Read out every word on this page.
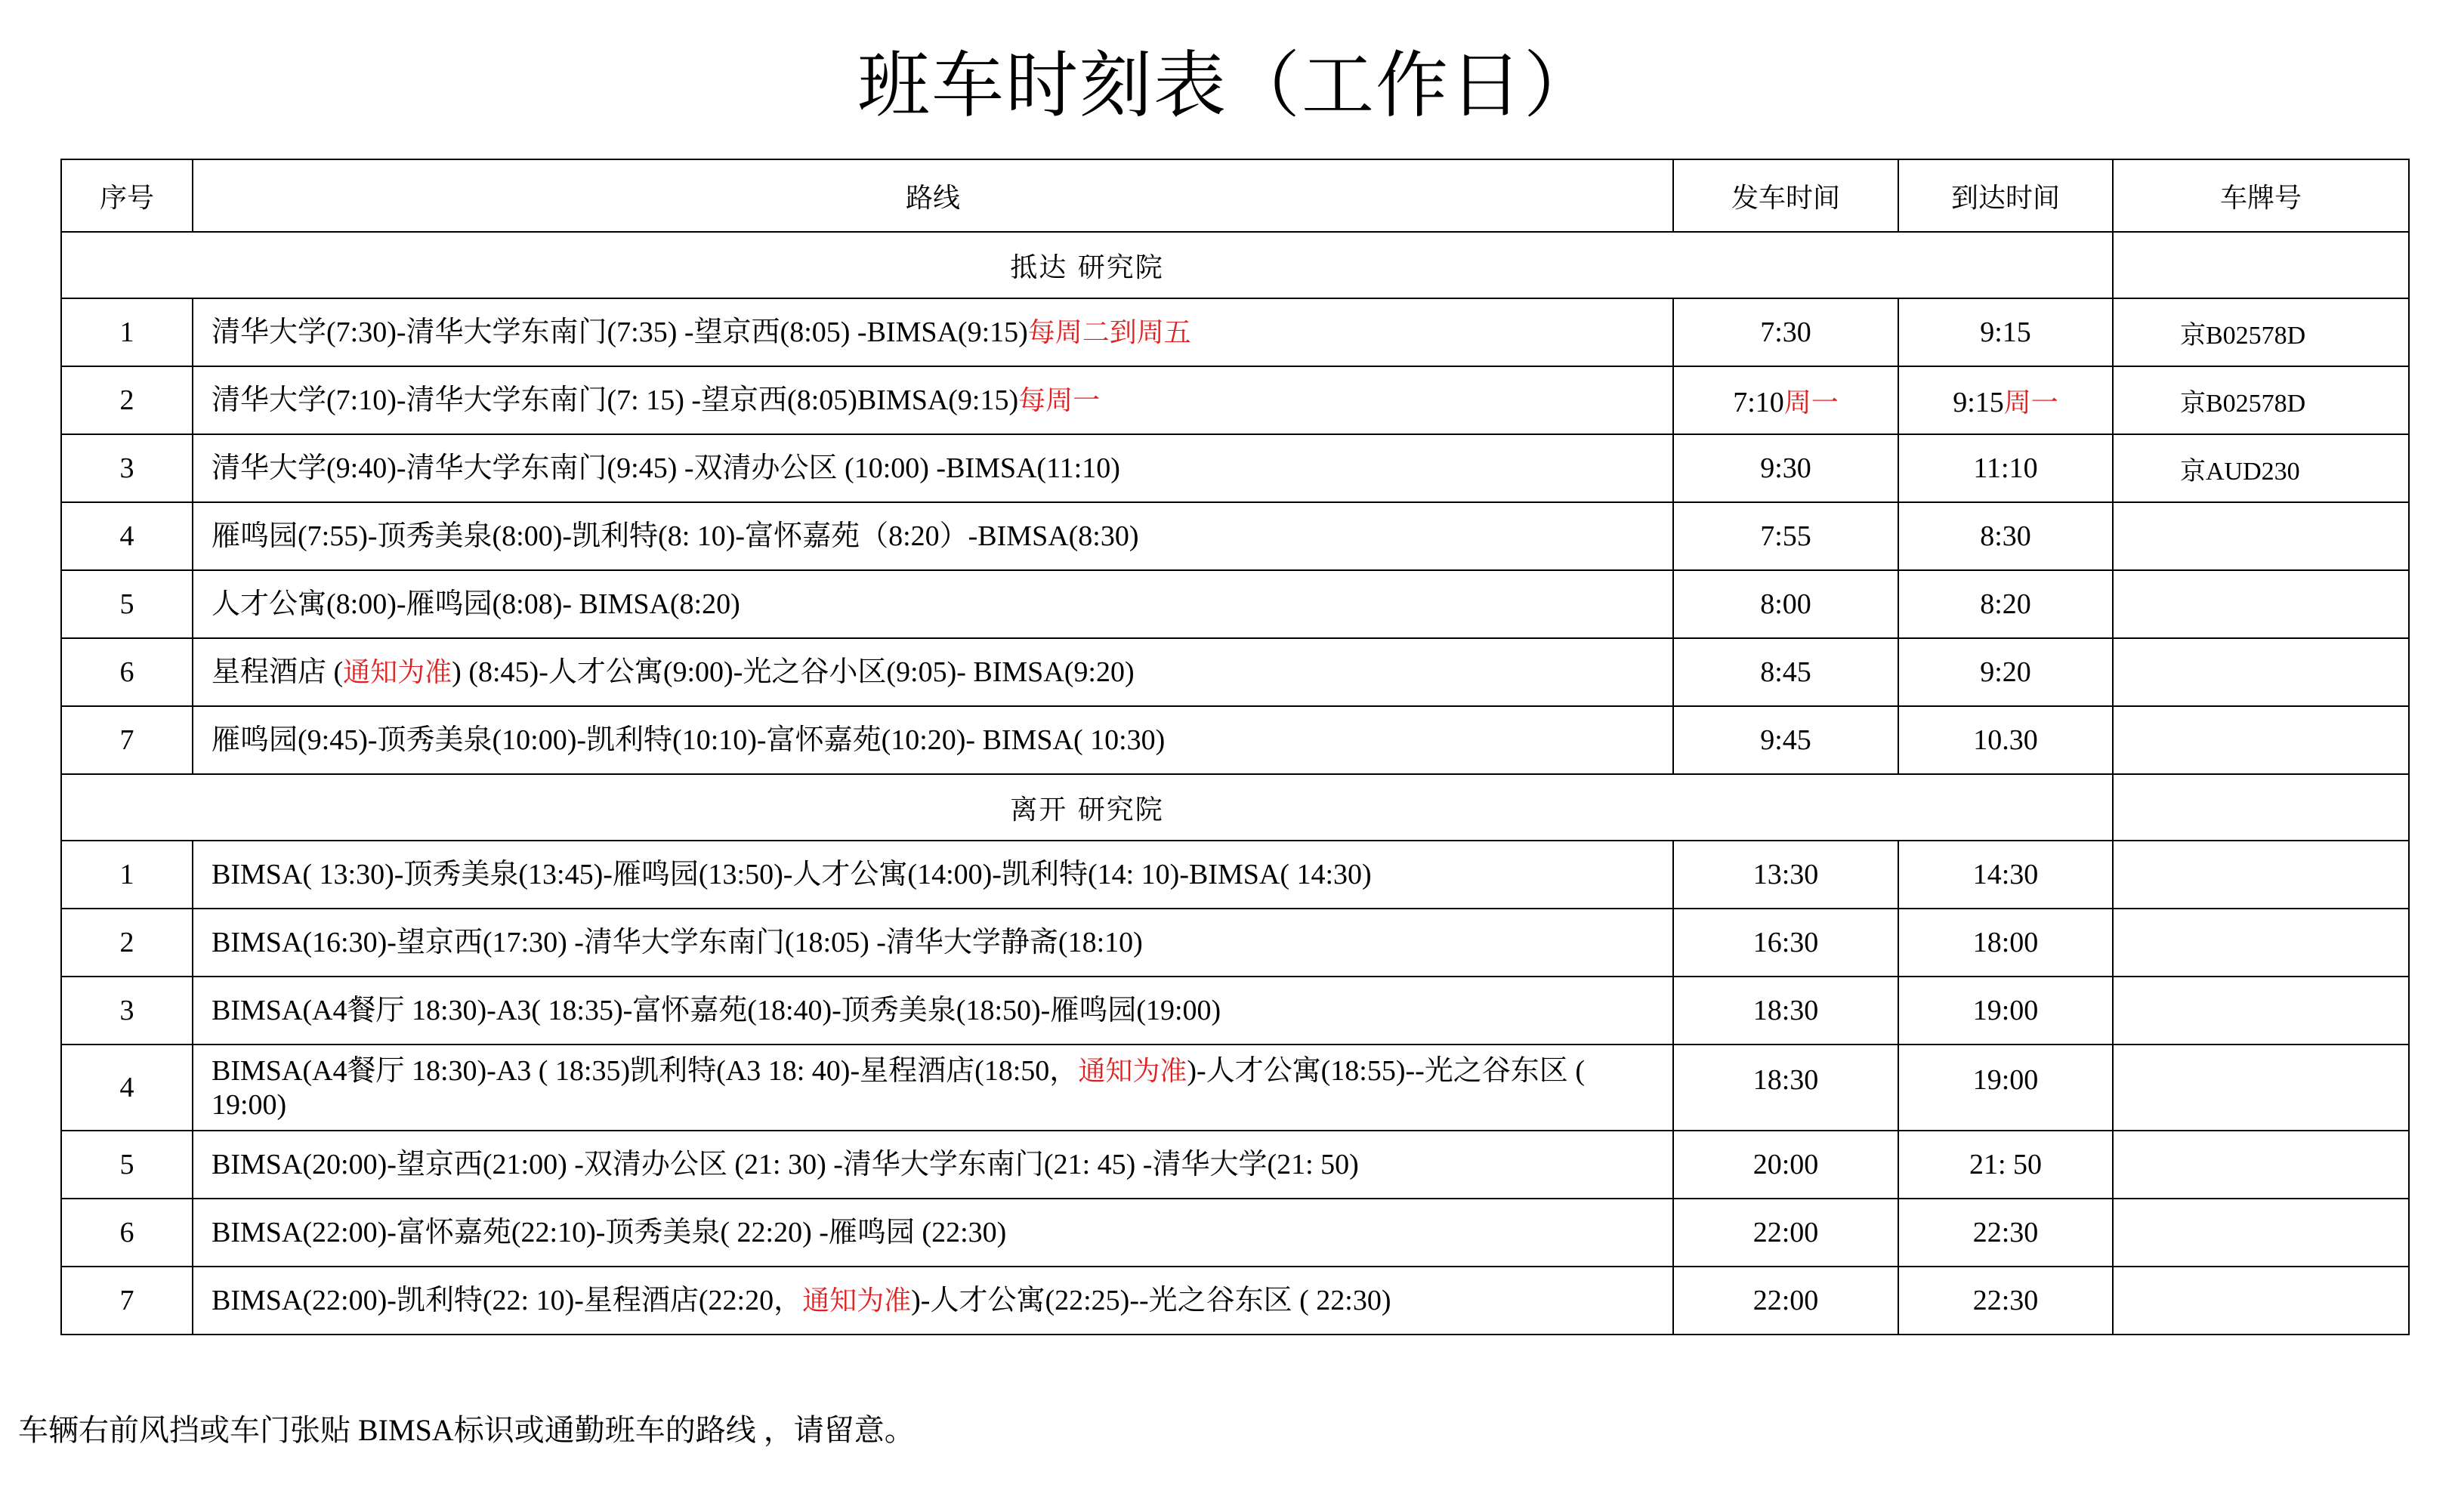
班车时刻表（工作日）
序号	路线	发车时间	到达时间	车牌号
抵达 研究院				
1	清华大学(7:30)-清华大学东南门(7:35) -望京西(8:05) -BIMSA(9:15)每周二到周五	7:30	9:15	京B02578D
2	清华大学(7:10)-清华大学东南门(7: 15) -望京西(8:05)BIMSA(9:15)每周一	7:10周一	9:15周一	京B02578D
3	清华大学(9:40)-清华大学东南门(9:45) -双清办公区 (10:00) -BIMSA(11:10)	9:30	11:10	京AUD230
4	雁鸣园(7:55)-顶秀美泉(8:00)-凯利特(8: 10)-富怀嘉苑（8:20）-BIMSA(8:30)	7:55	8:30	
5	人才公寓(8:00)-雁鸣园(8:08)- BIMSA(8:20)	8:00	8:20	
6	星程酒店 (通知为准) (8:45)-人才公寓(9:00)-光之谷小区(9:05)- BIMSA(9:20)	8:45	9:20	
7	雁鸣园(9:45)-顶秀美泉(10:00)-凯利特(10:10)-富怀嘉苑(10:20)- BIMSA( 10:30)	9:45	10.30	
离开 研究院				
1	BIMSA( 13:30)-顶秀美泉(13:45)-雁鸣园(13:50)-人才公寓(14:00)-凯利特(14: 10)-BIMSA( 14:30)	13:30	14:30	
2	BIMSA(16:30)-望京西(17:30) -清华大学东南门(18:05) -清华大学静斋(18:10)	16:30	18:00	
3	BIMSA(A4餐厅 18:30)-A3( 18:35)-富怀嘉苑(18:40)-顶秀美泉(18:50)-雁鸣园(19:00)	18:30	19:00	
4	BIMSA(A4餐厅 18:30)-A3 ( 18:35)凯利特(A3 18: 40)-星程酒店(18:50，通知为准)-人才公寓(18:55)--光之谷东区 ( 19:00)	18:30	19:00	
5	BIMSA(20:00)-望京西(21:00) -双清办公区 (21: 30) -清华大学东南门(21: 45) -清华大学(21: 50)	20:00	21: 50	
6	BIMSA(22:00)-富怀嘉苑(22:10)-顶秀美泉( 22:20) -雁鸣园 (22:30)	22:00	22:30	
7	BIMSA(22:00)-凯利特(22: 10)-星程酒店(22:20，通知为准)-人才公寓(22:25)--光之谷东区 ( 22:30)	22:00	22:30	
车辆右前风挡或车门张贴 BIMSA标识或通勤班车的路线 ，请留意。
